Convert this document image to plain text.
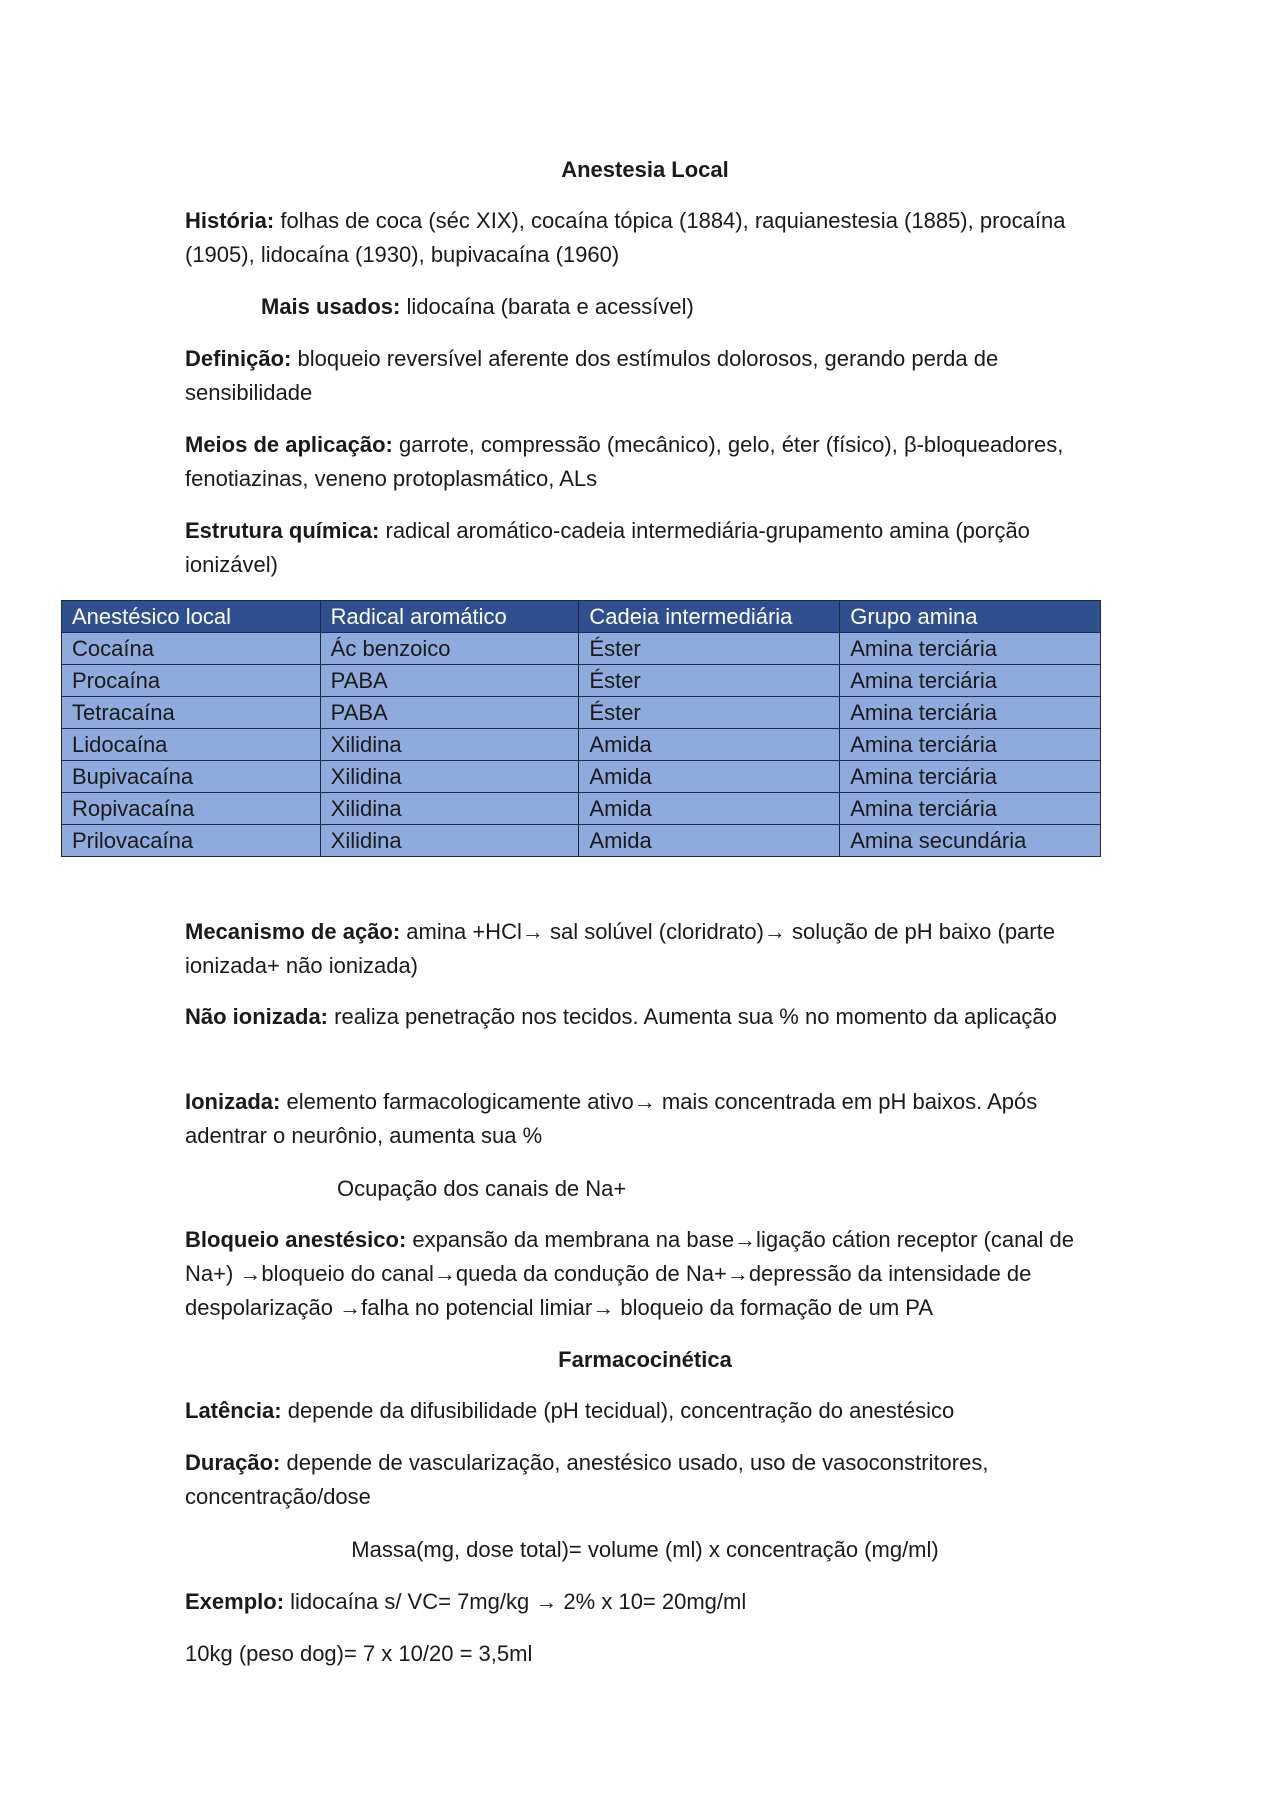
Anestesia Local
História: folhas de coca (séc XIX), cocaína tópica (1884), raquianestesia (1885), procaína (1905), lidocaína (1930), bupivacaína (1960)
Mais usados: lidocaína (barata e acessível)
Definição: bloqueio reversível aferente dos estímulos dolorosos, gerando perda de sensibilidade
Meios de aplicação: garrote, compressão (mecânico), gelo, éter (físico), β-bloqueadores, fenotiazinas, veneno protoplasmático, ALs
Estrutura química: radical aromático-cadeia intermediária-grupamento amina (porção ionizável)
Anestésico local	Radical aromático	Cadeia intermediária	Grupo amina
Cocaína	Ác benzoico	Éster	Amina terciária
Procaína	PABA	Éster	Amina terciária
Tetracaína	PABA	Éster	Amina terciária
Lidocaína	Xilidina	Amida	Amina terciária
Bupivacaína	Xilidina	Amida	Amina terciária
Ropivacaína	Xilidina	Amida	Amina terciária
Prilovacaína	Xilidina	Amida	Amina secundária
Mecanismo de ação: amina +HCl→ sal solúvel (cloridrato)→ solução de pH baixo (parte ionizada+ não ionizada)
Não ionizada: realiza penetração nos tecidos. Aumenta sua % no momento da aplicação
Ionizada: elemento farmacologicamente ativo→ mais concentrada em pH baixos. Após adentrar o neurônio, aumenta sua %
Ocupação dos canais de Na+
Bloqueio anestésico: expansão da membrana na base→ligação cátion receptor (canal de Na+) →bloqueio do canal→queda da condução de Na+→depressão da intensidade de despolarização →falha no potencial limiar→ bloqueio da formação de um PA
Farmacocinética
Latência: depende da difusibilidade (pH tecidual), concentração do anestésico
Duração: depende de vascularização, anestésico usado, uso de vasoconstritores, concentração/dose
Massa(mg, dose total)= volume (ml) x concentração (mg/ml)
Exemplo: lidocaína s/ VC= 7mg/kg → 2% x 10= 20mg/ml
10kg (peso dog)= 7 x 10/20 = 3,5ml
